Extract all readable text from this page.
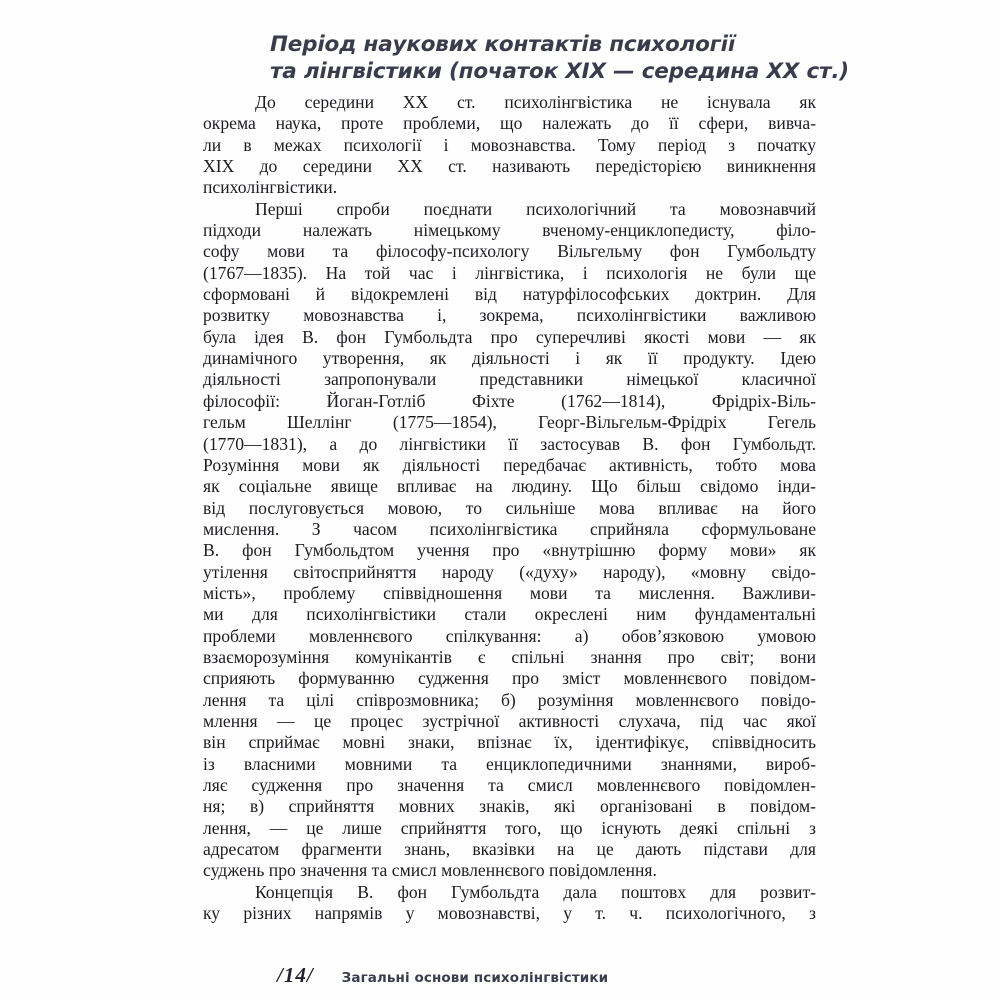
Період наукових контактів психології
та лінгвістики (початок XIX — середина XX ст.)
До середини XX ст. психолінгвістика не існувала як
окрема наука, проте проблеми, що належать до її сфери, вивча-
ли в межах психології і мовознавства. Тому період з початку
XIX до середини XX ст. називають передісторією виникнення
психолінгвістики.
Перші спроби поєднати психологічний та мовознавчий
підходи належать німецькому вченому-енциклопедисту, філо-
софу мови та філософу-психологу Вільгельму фон Гумбольдту
(1767—1835). На той час і лінгвістика, і психологія не були ще
сформовані й відокремлені від натурфілософських доктрин. Для
розвитку мовознавства і, зокрема, психолінгвістики важливою
була ідея В. фон Гумбольдта про суперечливі якості мови — як
динамічного утворення, як діяльності і як її продукту. Ідею
діяльності запропонували представники німецької класичної
філософії: Йоган-Готліб Фіхте (1762—1814), Фрідріх-Віль-
гельм Шеллінг (1775—1854), Георг-Вільгельм-Фрідріх Гегель
(1770—1831), а до лінгвістики її застосував В. фон Гумбольдт.
Розуміння мови як діяльності передбачає активність, тобто мова
як соціальне явище впливає на людину. Що більш свідомо інди-
від послуговується мовою, то сильніше мова впливає на його
мислення. З часом психолінгвістика сприйняла сформульоване
В. фон Гумбольдтом учення про «внутрішню форму мови» як
утілення світосприйняття народу («духу» народу), «мовну свідо-
мість», проблему співвідношення мови та мислення. Важливи-
ми для психолінгвістики стали окреслені ним фундаментальні
проблеми мовленнєвого спілкування: а) обов’язковою умовою
взаєморозуміння комунікантів є спільні знання про світ; вони
сприяють формуванню судження про зміст мовленнєвого повідом-
лення та цілі співрозмовника; б) розуміння мовленнєвого повідо-
млення — це процес зустрічної активності слухача, під час якої
він сприймає мовні знаки, впізнає їх, ідентифікує, співвідносить
із власними мовними та енциклопедичними знаннями, вироб-
ляє судження про значення та смисл мовленнєвого повідомлен-
ня; в) сприйняття мовних знаків, які організовані в повідом-
лення, — це лише сприйняття того, що існують деякі спільні з
адресатом фрагменти знань, вказівки на це дають підстави для
суджень про значення та смисл мовленнєвого повідомлення.
Концепція В. фон Гумбольдта дала поштовх для розвит-
ку різних напрямів у мовознавстві, у т. ч. психологічного, з
/14/ Загальні основи психолінгвістики
